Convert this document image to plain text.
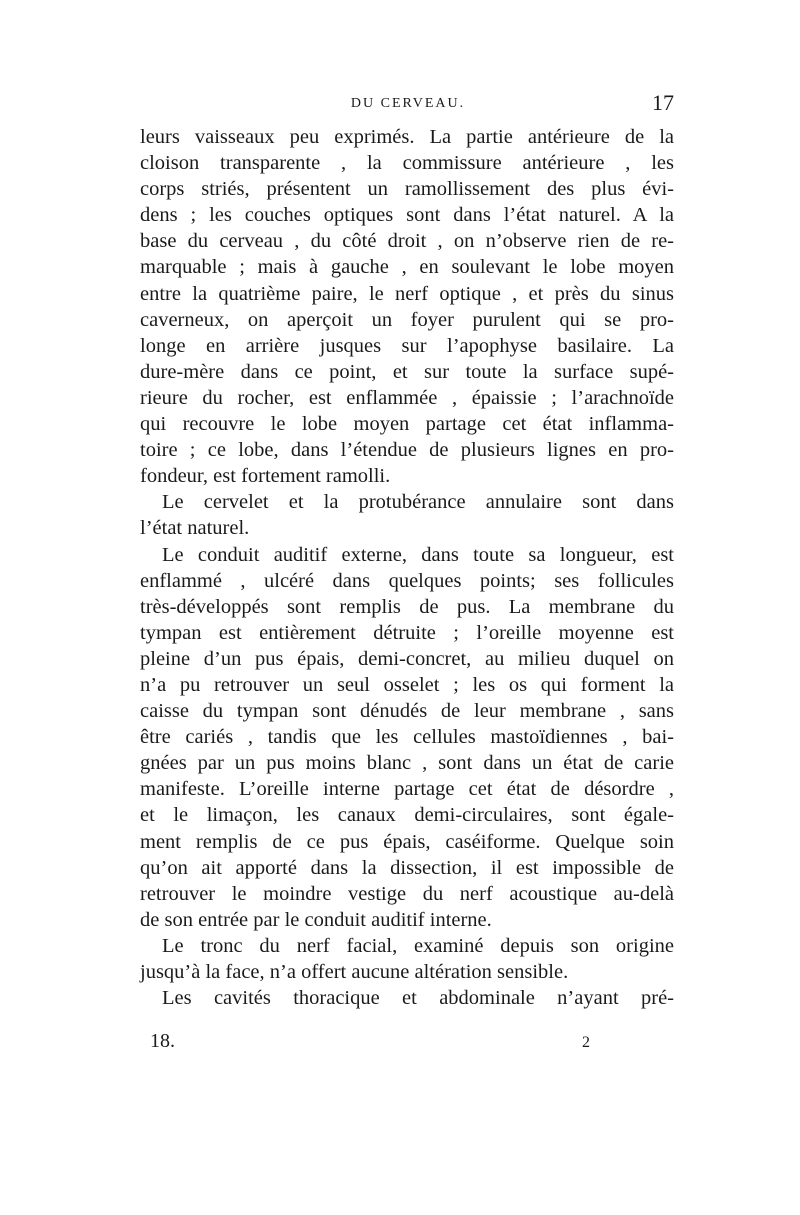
DU CERVEAU.	17
leurs vaisseaux peu exprimés. La partie antérieure de la
cloison transparente , la commissure antérieure , les
corps striés, présentent un ramollissement des plus évi-
dens ; les couches optiques sont dans l’état naturel. A la
base du cerveau , du côté droit , on n’observe rien de re-
marquable ; mais à gauche , en soulevant le lobe moyen
entre la quatrième paire, le nerf optique , et près du sinus
caverneux, on aperçoit un foyer purulent qui se pro-
longe en arrière jusques sur l’apophyse basilaire. La
dure-mère dans ce point, et sur toute la surface supé-
rieure du rocher, est enflammée , épaissie ; l’arachnoïde
qui recouvre le lobe moyen partage cet état inflamma-
toire ; ce lobe, dans l’étendue de plusieurs lignes en pro-
fondeur, est fortement ramolli.
Le cervelet et la protubérance annulaire sont dans
l’état naturel.
Le conduit auditif externe, dans toute sa longueur, est
enflammé , ulcéré dans quelques points; ses follicules
très-développés sont remplis de pus. La membrane du
tympan est entièrement détruite ; l’oreille moyenne est
pleine d’un pus épais, demi-concret, au milieu duquel on
n’a pu retrouver un seul osselet ; les os qui forment la
caisse du tympan sont dénudés de leur membrane , sans
être cariés , tandis que les cellules mastoïdiennes , bai-
gnées par un pus moins blanc , sont dans un état de carie
manifeste. L’oreille interne partage cet état de désordre ,
et le limaçon, les canaux demi-circulaires, sont égale-
ment remplis de ce pus épais, caséiforme. Quelque soin
qu’on ait apporté dans la dissection, il est impossible de
retrouver le moindre vestige du nerf acoustique au-delà
de son entrée par le conduit auditif interne.
Le tronc du nerf facial, examiné depuis son origine
jusqu’à la face, n’a offert aucune altération sensible.
Les cavités thoracique et abdominale n’ayant pré-
18.	2
